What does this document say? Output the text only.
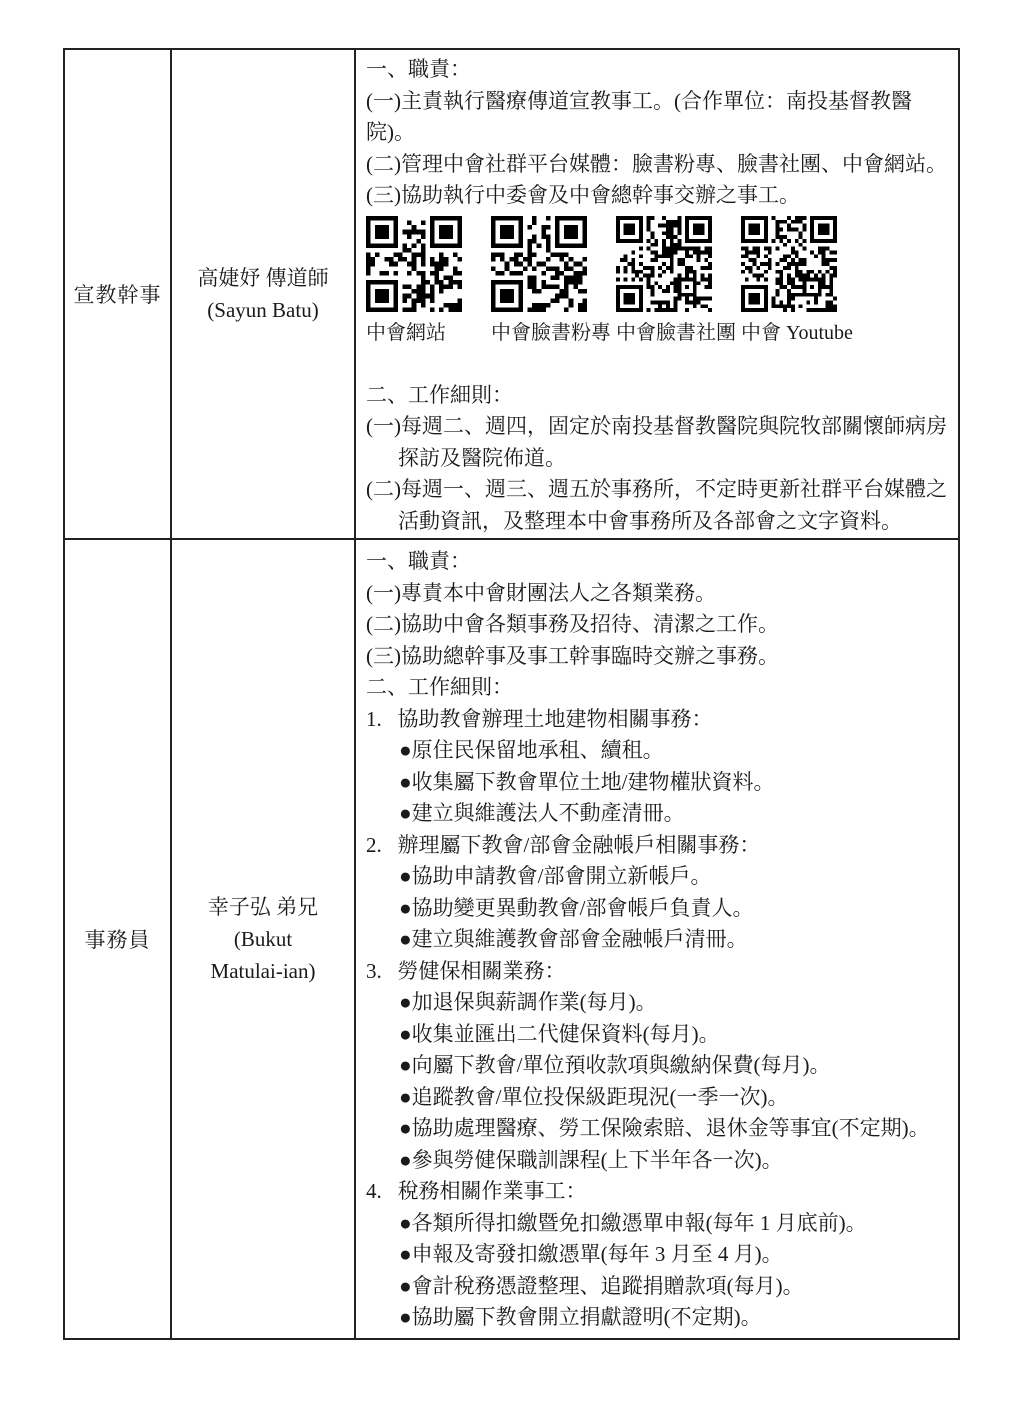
宣教幹事
高婕妤 傳道師
(Sayun Batu)
一、職責：
(一)主責執行醫療傳道宣教事工。(合作單位：南投基督教醫院)。
(二)管理中會社群平台媒體：臉書粉專、臉書社團、中會網站。
(三)協助執行中委會及中會總幹事交辦之事工。
中會網站	中會臉書粉專 中會臉書社團 中會 Youtube
二、工作細則：
(一)每週二、週四，固定於南投基督教醫院與院牧部關懷師病房
探訪及醫院佈道。
(二)每週一、週三、週五於事務所，不定時更新社群平台媒體之
活動資訊，及整理本中會事務所及各部會之文字資料。
事務員
幸子弘 弟兄
(Bukut
Matulai-ian)
一、職責：
(一)專責本中會財團法人之各類業務。
(二)協助中會各類事務及招待、清潔之工作。
(三)協助總幹事及事工幹事臨時交辦之事務。
二、工作細則：
1.   協助教會辦理土地建物相關事務：
●原住民保留地承租、續租。
●收集屬下教會單位土地/建物權狀資料。
●建立與維護法人不動產清冊。
2.   辦理屬下教會/部會金融帳戶相關事務：
●協助申請教會/部會開立新帳戶。
●協助變更異動教會/部會帳戶負責人。
●建立與維護教會部會金融帳戶清冊。
3.   勞健保相關業務：
●加退保與薪調作業(每月)。
●收集並匯出二代健保資料(每月)。
●向屬下教會/單位預收款項與繳納保費(每月)。
●追蹤教會/單位投保級距現況(一季一次)。
●協助處理醫療、勞工保險索賠、退休金等事宜(不定期)。
●參與勞健保職訓課程(上下半年各一次)。
4.   稅務相關作業事工：
●各類所得扣繳暨免扣繳憑單申報(每年 1 月底前)。
●申報及寄發扣繳憑單(每年 3 月至 4 月)。
●會計稅務憑證整理、追蹤捐贈款項(每月)。
●協助屬下教會開立捐獻證明(不定期)。
